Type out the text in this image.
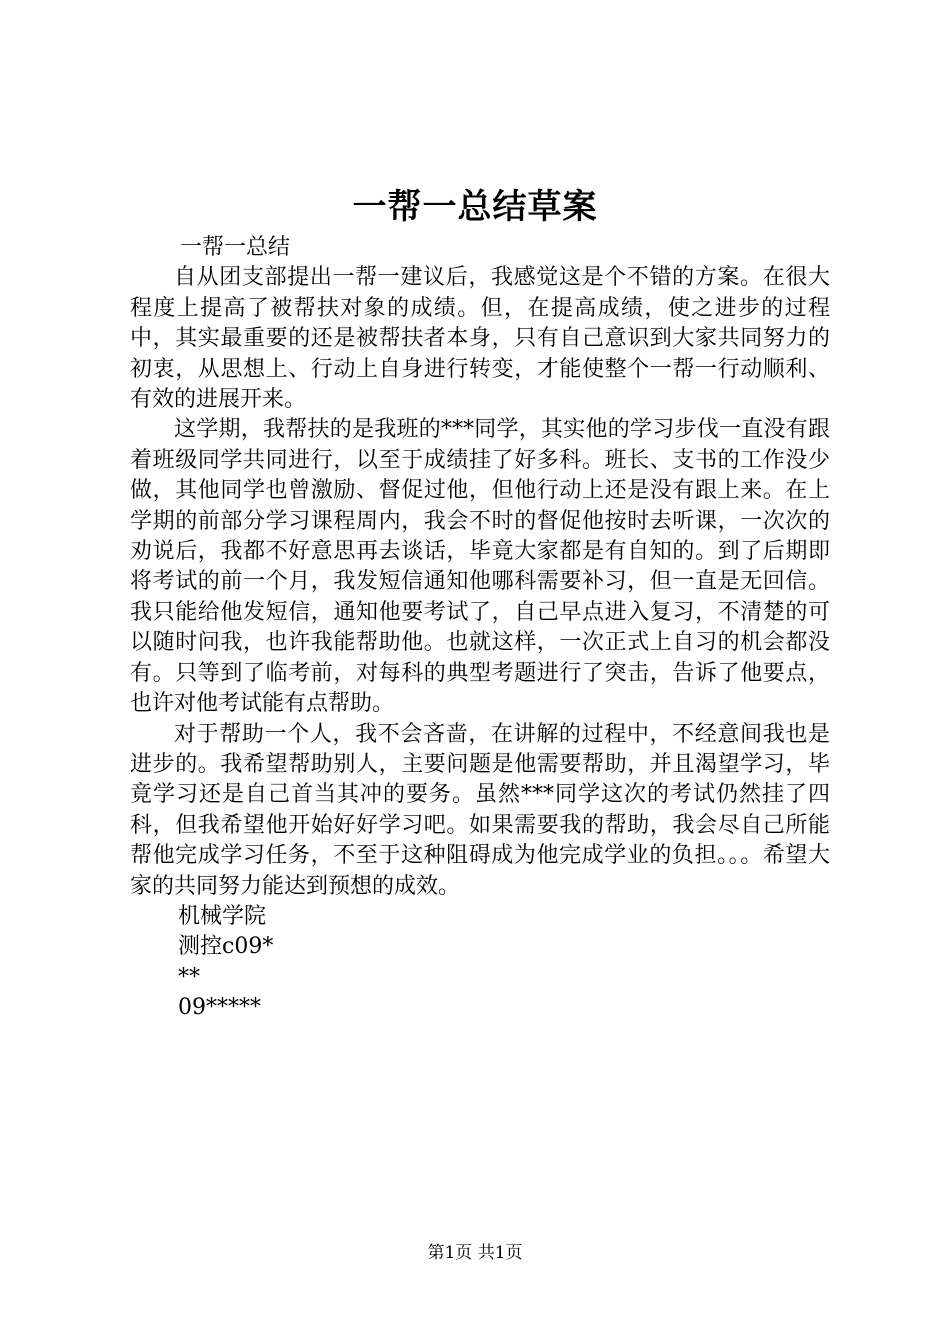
一帮一总结草案
一帮一总结

自从团支部提出一帮一建议后，我感觉这是个不错的方案。在很大程度上提高了被帮扶对象的成绩。但，在提高成绩，使之进步的过程中，其实最重要的还是被帮扶者本身，只有自己意识到大家共同努力的初衷，从思想上、行动上自身进行转变，才能使整个一帮一行动顺利、有效的进展开来。

这学期，我帮扶的是我班的***同学，其实他的学习步伐一直没有跟着班级同学共同进行，以至于成绩挂了好多科。班长、支书的工作没少做，其他同学也曾激励、督促过他，但他行动上还是没有跟上来。在上学期的前部分学习课程周内，我会不时的督促他按时去听课，一次次的劝说后，我都不好意思再去谈话，毕竟大家都是有自知的。到了后期即将考试的前一个月，我发短信通知他哪科需要补习，但一直是无回信。我只能给他发短信，通知他要考试了，自己早点进入复习，不清楚的可以随时问我，也许我能帮助他。也就这样，一次正式上自习的机会都没有。只等到了临考前，对每科的典型考题进行了突击，告诉了他要点，也许对他考试能有点帮助。

对于帮助一个人，我不会吝啬，在讲解的过程中，不经意间我也是进步的。我希望帮助别人，主要问题是他需要帮助，并且渴望学习，毕竟学习还是自己首当其冲的要务。虽然***同学这次的考试仍然挂了四科，但我希望他开始好好学习吧。如果需要我的帮助，我会尽自己所能帮他完成学习任务，不至于这种阻碍成为他完成学业的负担。。。希望大家的共同努力能达到预想的成效。

机械学院
测控c09*
**
09*****
第1页 共1页
